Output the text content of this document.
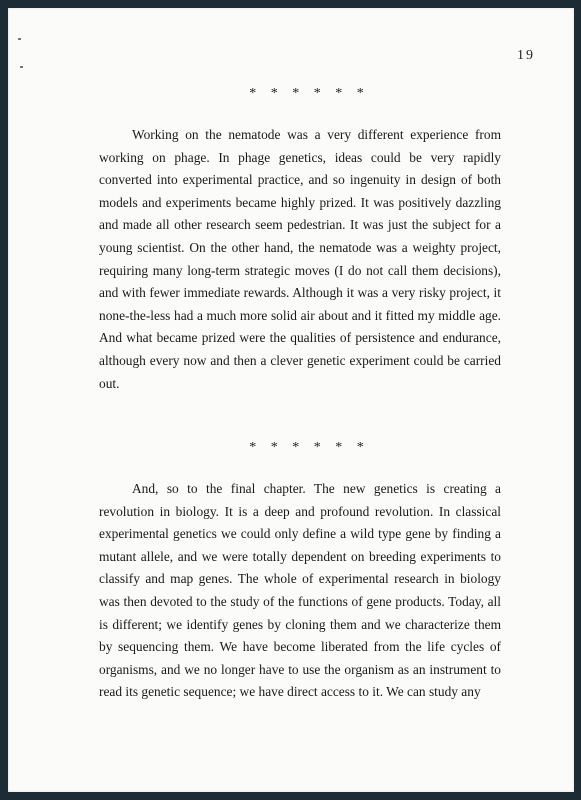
19
* * * * * *

Working on the nematode was a very different experience from working on phage. In phage genetics, ideas could be very rapidly converted into experimental practice, and so ingenuity in design of both models and experiments became highly prized. It was positively dazzling and made all other research seem pedestrian. It was just the subject for a young scientist. On the other hand, the nematode was a weighty project, requiring many long-term strategic moves (I do not call them decisions), and with fewer immediate rewards. Although it was a very risky project, it none-the-less had a much more solid air about and it fitted my middle age. And what became prized were the qualities of persistence and endurance, although every now and then a clever genetic experiment could be carried out.

* * * * * *

And, so to the final chapter. The new genetics is creating a revolution in biology. It is a deep and profound revolution. In classical experimental genetics we could only define a wild type gene by finding a mutant allele, and we were totally dependent on breeding experiments to classify and map genes. The whole of experimental research in biology was then devoted to the study of the functions of gene products. Today, all is different; we identify genes by cloning them and we characterize them by sequencing them. We have become liberated from the life cycles of organisms, and we no longer have to use the organism as an instrument to read its genetic sequence; we have direct access to it. We can study any
